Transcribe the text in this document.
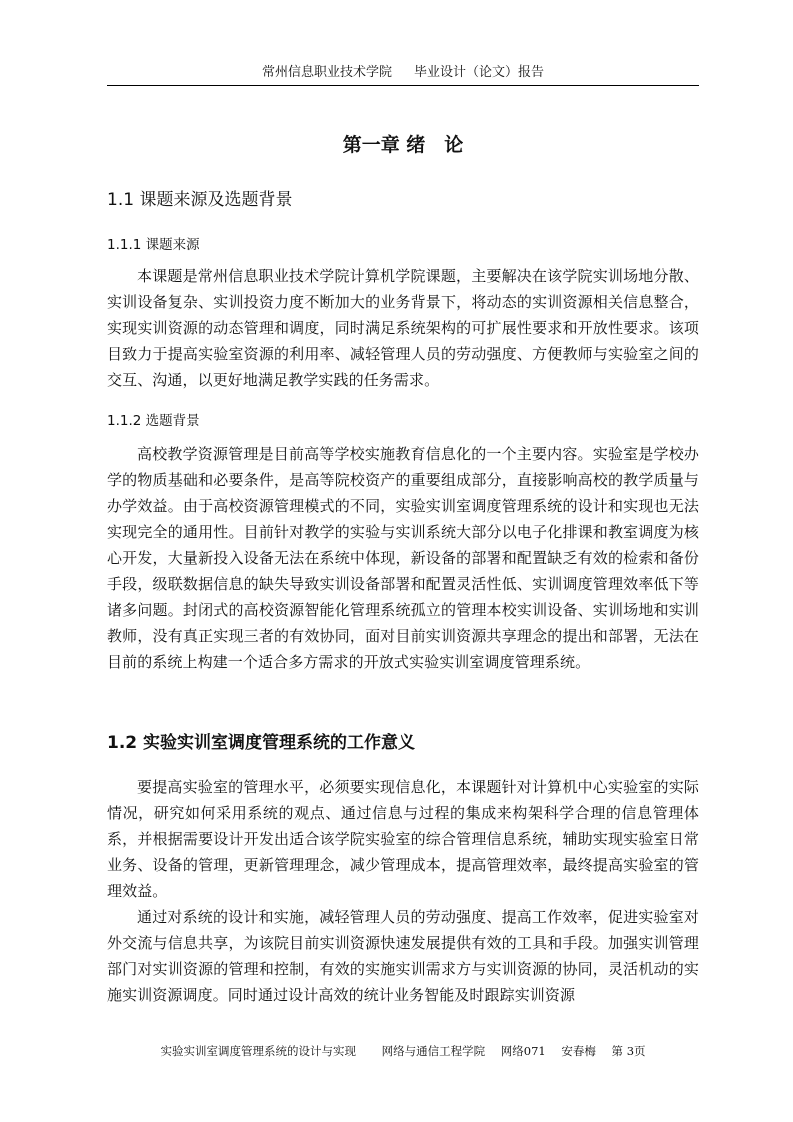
常州信息职业技术学院 毕业设计（论文）报告
第一章 绪　论
1.1 课题来源及选题背景
1.1.1 课题来源

本课题是常州信息职业技术学院计算机学院课题，主要解决在该学院实训场地分散、实训设备复杂、实训投资力度不断加大的业务背景下，将动态的实训资源相关信息整合，实现实训资源的动态管理和调度，同时满足系统架构的可扩展性要求和开放性要求。该项目致力于提高实验室资源的利用率、减轻管理人员的劳动强度、方便教师与实验室之间的交互、沟通，以更好地满足教学实践的任务需求。

1.1.2 选题背景

高校教学资源管理是目前高等学校实施教育信息化的一个主要内容。实验室是学校办学的物质基础和必要条件，是高等院校资产的重要组成部分，直接影响高校的教学质量与办学效益。由于高校资源管理模式的不同，实验实训室调度管理系统的设计和实现也无法实现完全的通用性。目前针对教学的实验与实训系统大部分以电子化排课和教室调度为核心开发，大量新投入设备无法在系统中体现，新设备的部署和配置缺乏有效的检索和备份手段，级联数据信息的缺失导致实训设备部署和配置灵活性低、实训调度管理效率低下等诸多问题。封闭式的高校资源智能化管理系统孤立的管理本校实训设备、实训场地和实训教师，没有真正实现三者的有效协同，面对目前实训资源共享理念的提出和部署，无法在目前的系统上构建一个适合多方需求的开放式实验实训室调度管理系统。

1.2 实验实训室调度管理系统的工作意义

要提高实验室的管理水平，必须要实现信息化，本课题针对计算机中心实验室的实际情况，研究如何采用系统的观点、通过信息与过程的集成来构架科学合理的信息管理体系，并根据需要设计开发出适合该学院实验室的综合管理信息系统，辅助实现实验室日常业务、设备的管理，更新管理理念，减少管理成本，提高管理效率，最终提高实验室的管理效益。

通过对系统的设计和实施，减轻管理人员的劳动强度、提高工作效率，促进实验室对外交流与信息共享，为该院目前实训资源快速发展提供有效的工具和手段。加强实训管理部门对实训资源的管理和控制，有效的实施实训需求方与实训资源的协同，灵活机动的实施实训资源调度。同时通过设计高效的统计业务智能及时跟踪实训资源

实验实训室调度管理系统的设计与实现 网络与通信工程学院 网络071 安春梅 第 3页
